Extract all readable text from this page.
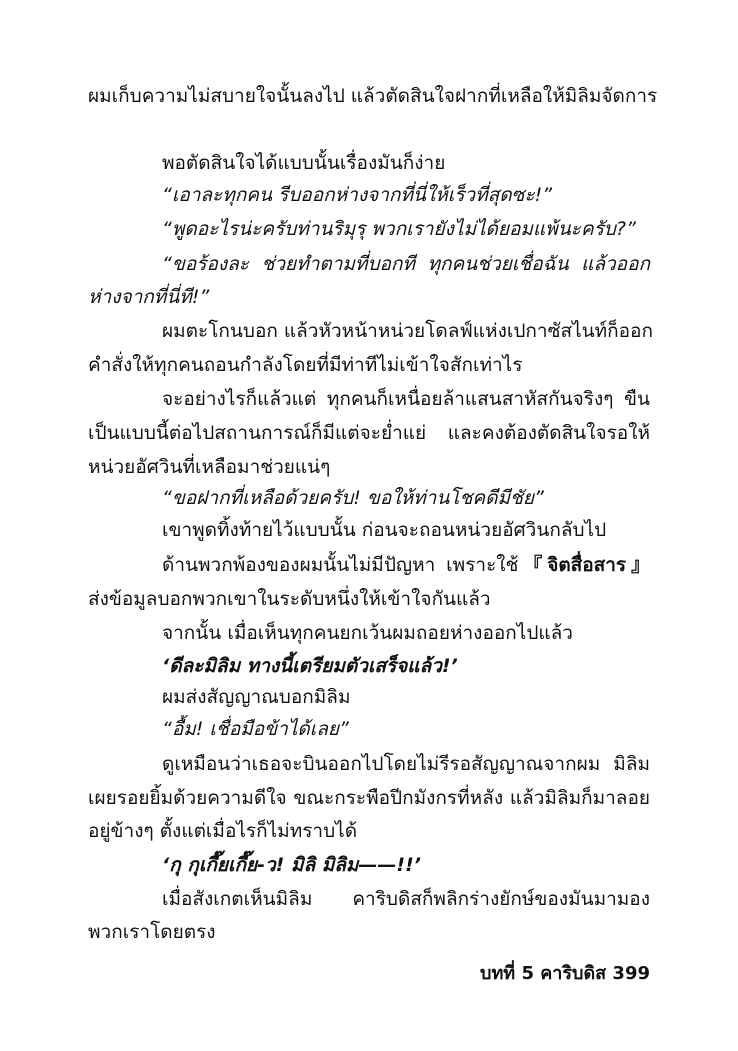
ผมเก็บความไม่สบายใจนั้นลงไป แล้วตัดสินใจฝากที่เหลือให้มิลิมจัดการ
พอตัดสินใจได้แบบนั้นเรื่องมันก็ง่าย
“เอาละทุกคน รีบออกห่างจากที่นี่ให้เร็วที่สุดซะ!”
“พูดอะไรน่ะครับท่านริมุรุ พวกเรายังไม่ได้ยอมแพ้นะครับ?”
“ขอร้องละ ช่วยทำตามที่บอกที ทุกคนช่วยเชื่อฉัน แล้วออก
ห่างจากที่นี่ที!”
ผมตะโกนบอก แล้วหัวหน้าหน่วยโดลฟ์แห่งเปกาซัสไนท์ก็ออก
คำสั่งให้ทุกคนถอนกำลังโดยที่มีท่าทีไม่เข้าใจสักเท่าไร
จะอย่างไรก็แล้วแต่ ทุกคนก็เหนื่อยล้าแสนสาหัสกันจริงๆ ขืน
เป็นแบบนี้ต่อไปสถานการณ์ก็มีแต่จะย่ำแย่ และคงต้องตัดสินใจรอให้
หน่วยอัศวินที่เหลือมาช่วยแน่ๆ
“ขอฝากที่เหลือด้วยครับ! ขอให้ท่านโชคดีมีชัย”
เขาพูดทิ้งท้ายไว้แบบนั้น ก่อนจะถอนหน่วยอัศวินกลับไป
ด้านพวกพ้องของผมนั้นไม่มีปัญหา เพราะใช้『จิตสื่อสาร』
ส่งข้อมูลบอกพวกเขาในระดับหนึ่งให้เข้าใจกันแล้ว
จากนั้น เมื่อเห็นทุกคนยกเว้นผมถอยห่างออกไปแล้ว
‘ดีละมิลิม ทางนี้เตรียมตัวเสร็จแล้ว!’
ผมส่งสัญญาณบอกมิลิม
“อื้ม! เชื่อมือข้าได้เลย”
ดูเหมือนว่าเธอจะบินออกไปโดยไม่รีรอสัญญาณจากผม มิลิม
เผยรอยยิ้มด้วยความดีใจ ขณะกระพือปีกมังกรที่หลัง แล้วมิลิมก็มาลอย
อยู่ข้างๆ ตั้งแต่เมื่อไรก็ไม่ทราบได้
‘กุ กุเกี๊ยเกี๊ย-ว! มิลิ มิลิม——!!’
เมื่อสังเกตเห็นมิลิม คาริบดิสก็พลิกร่างยักษ์ของมันมามอง
พวกเราโดยตรง
บทที่ 5 คาริบดิส 399
